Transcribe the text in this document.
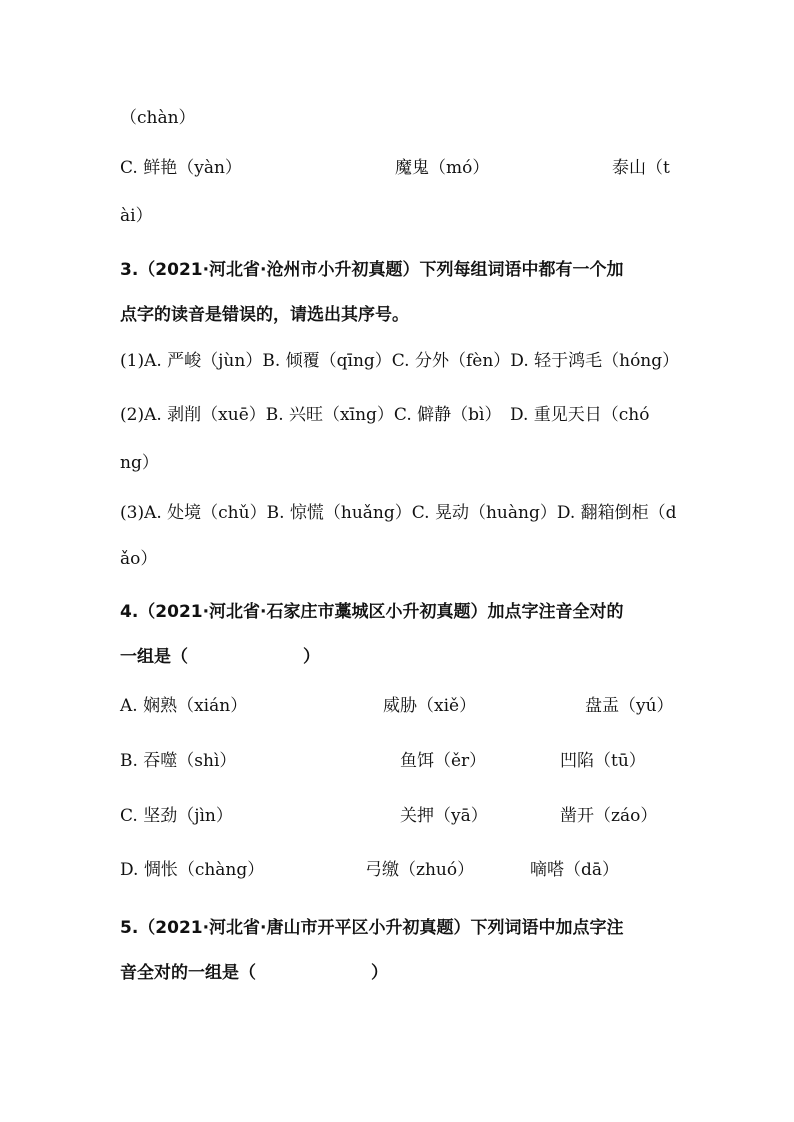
（chàn）
C. 鲜艳（yàn）	魔鬼（mó）	泰山（t
ài）
3.（2021·河北省·沧州市小升初真题）下列每组词语中都有一个加
点字的读音是错误的，请选出其序号。
(1)A. 严峻（jùn）B. 倾覆（qīng）C. 分外（fèn）D. 轻于鸿毛（hóng）
(2)A. 剥削（xuē）B. 兴旺（xīng）C. 僻静（bì）　D. 重见天日（chó
ng）
(3)A. 处境（chǔ）B. 惊慌（huǎng）C. 晃动（huàng）D. 翻箱倒柜（d
ǎo）
4.（2021·河北省·石家庄市藁城区小升初真题）加点字注音全对的
一组是（	）
A. 娴熟（xián）	威胁（xiě）	盘盂（yú）
B. 吞噬（shì）	鱼饵（ěr）	凹陷（tū）
C. 坚劲（jìn）	关押（yā）	凿开（záo）
D. 惆怅（chàng）	弓缴（zhuó）	嘀嗒（dā）
5.（2021·河北省·唐山市开平区小升初真题）下列词语中加点字注
音全对的一组是（	）
